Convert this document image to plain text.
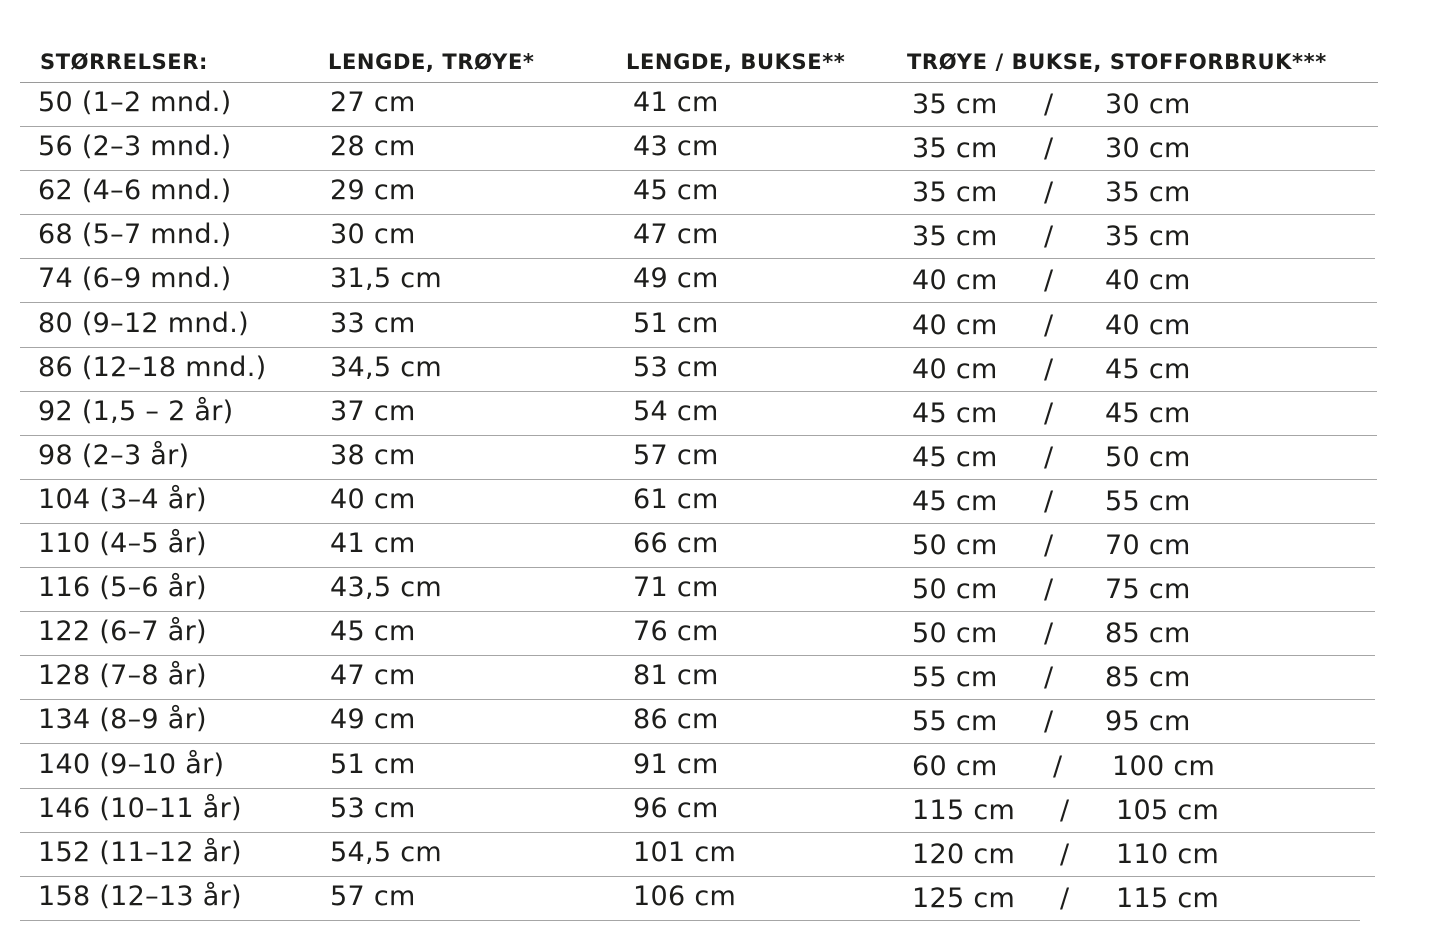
STØRRELSER:	LENGDE, TRØYE*	LENGDE, BUKSE**	TRØYE / BUKSE, STOFFORBRUK***
50 (1–2 mnd.)	27 cm	41 cm	35 cm / 30 cm
56 (2–3 mnd.)	28 cm	43 cm	35 cm / 30 cm
62 (4–6 mnd.)	29 cm	45 cm	35 cm / 35 cm
68 (5–7 mnd.)	30 cm	47 cm	35 cm / 35 cm
74 (6–9 mnd.)	31,5 cm	49 cm	40 cm / 40 cm
80 (9–12 mnd.)	33 cm	51 cm	40 cm / 40 cm
86 (12–18 mnd.) 34,5 cm	53 cm	40 cm / 45 cm
92 (1,5 – 2 år)	37 cm	54 cm	45 cm / 45 cm
98 (2–3 år)	38 cm	57 cm	45 cm / 50 cm
104 (3–4 år)	40 cm	61 cm	45 cm / 55 cm
110 (4–5 år)	41 cm	66 cm	50 cm / 70 cm
116 (5–6 år)	43,5 cm	71 cm	50 cm / 75 cm
122 (6–7 år)	45 cm	76 cm	50 cm / 85 cm
128 (7–8 år)	47 cm	81 cm	55 cm / 85 cm
134 (8–9 år)	49 cm	86 cm	55 cm / 95 cm
140 (9–10 år)	51 cm	91 cm	60 cm / 100 cm
146 (10–11 år)	53 cm	96 cm	115 cm / 105 cm
152 (11–12 år)	54,5 cm	101 cm	120 cm / 110 cm
158 (12–13 år)	57 cm	106 cm	125 cm / 115 cm
